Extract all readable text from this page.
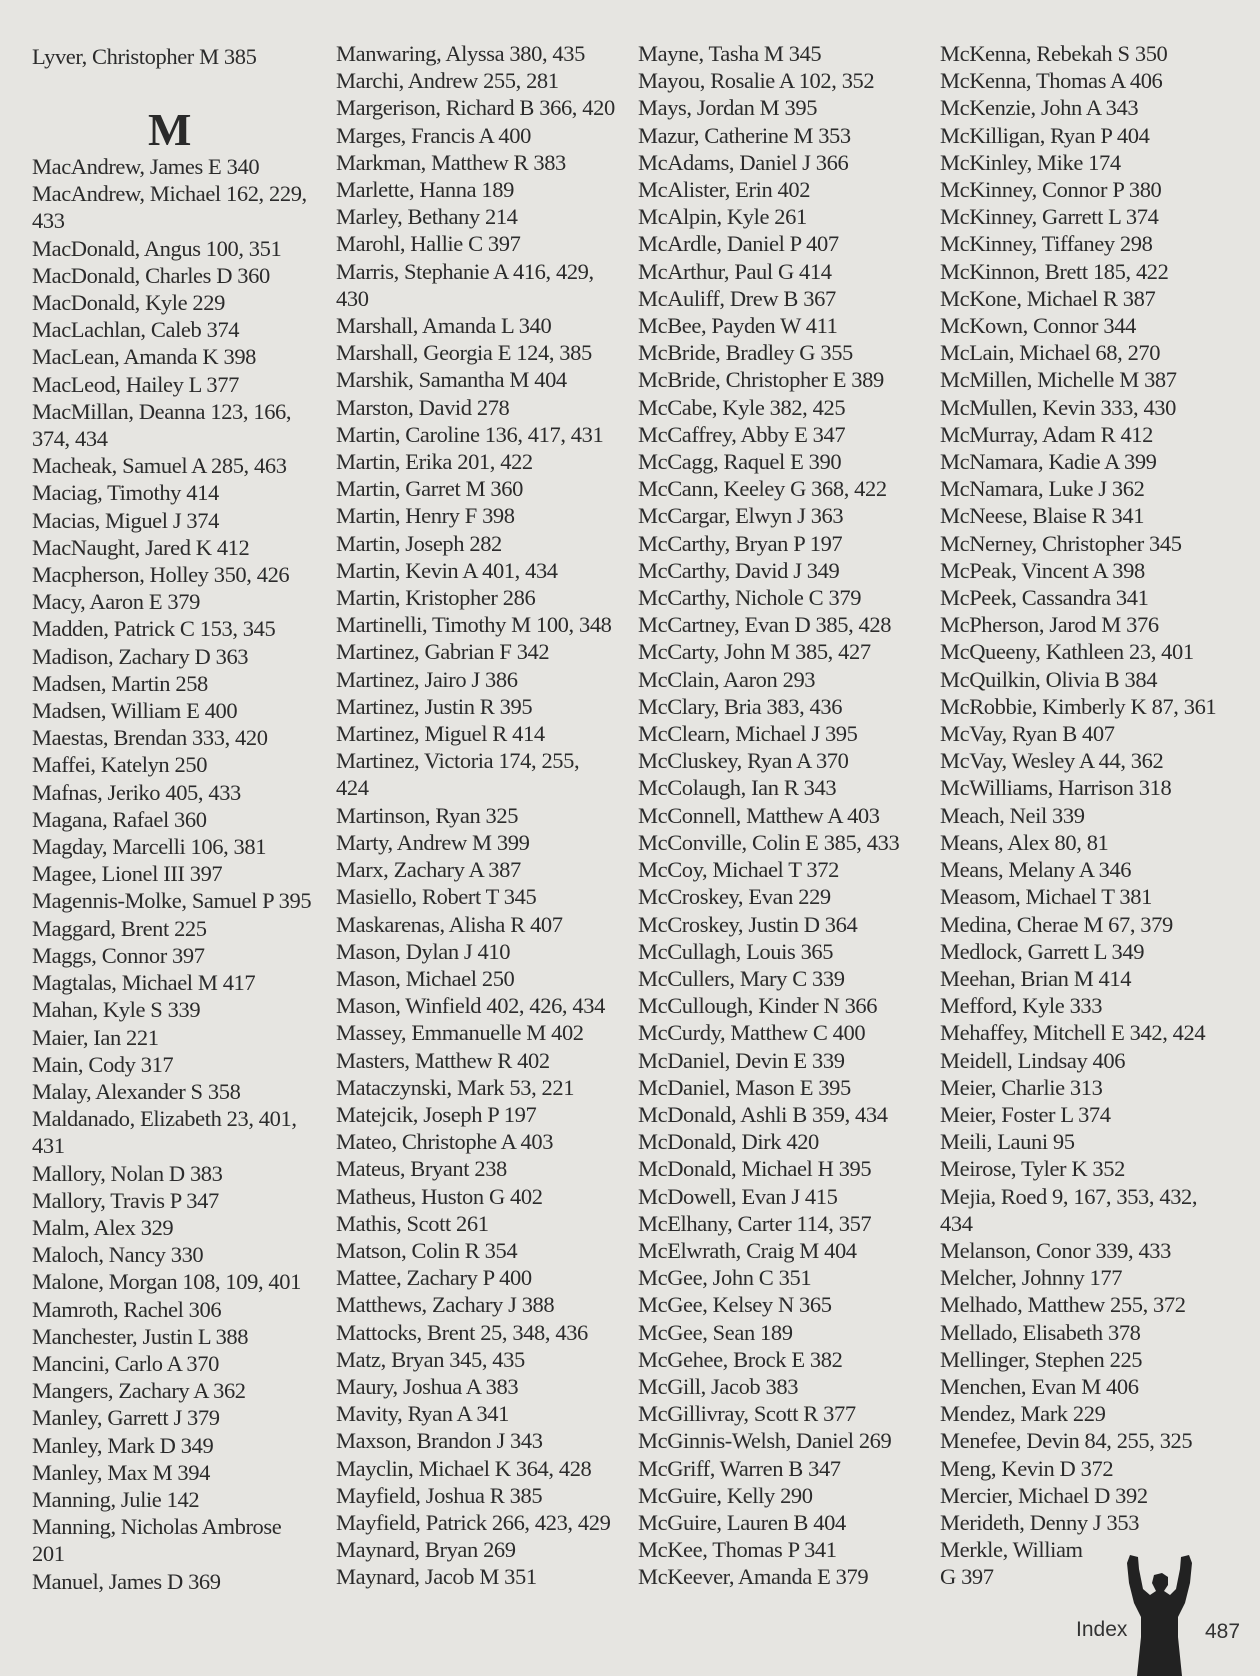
Lyver, Christopher M 385
M
MacAndrew, James E 340
MacAndrew, Michael 162, 229,
433
MacDonald, Angus 100, 351
MacDonald, Charles D 360
MacDonald, Kyle 229
MacLachlan, Caleb 374
MacLean, Amanda K 398
MacLeod, Hailey L 377
MacMillan, Deanna 123, 166,
374, 434
Macheak, Samuel A 285, 463
Maciag, Timothy 414
Macias, Miguel J 374
MacNaught, Jared K 412
Macpherson, Holley 350, 426
Macy, Aaron E 379
Madden, Patrick C 153, 345
Madison, Zachary D 363
Madsen, Martin 258
Madsen, William E 400
Maestas, Brendan 333, 420
Maffei, Katelyn 250
Mafnas, Jeriko 405, 433
Magana, Rafael 360
Magday, Marcelli 106, 381
Magee, Lionel III 397
Magennis-Molke, Samuel P 395
Maggard, Brent 225
Maggs, Connor 397
Magtalas, Michael M 417
Mahan, Kyle S 339
Maier, Ian 221
Main, Cody 317
Malay, Alexander S 358
Maldanado, Elizabeth 23, 401,
431
Mallory, Nolan D 383
Mallory, Travis P 347
Malm, Alex 329
Maloch, Nancy 330
Malone, Morgan 108, 109, 401
Mamroth, Rachel 306
Manchester, Justin L 388
Mancini, Carlo A 370
Mangers, Zachary A 362
Manley, Garrett J 379
Manley, Mark D 349
Manley, Max M 394
Manning, Julie 142
Manning, Nicholas Ambrose
201
Manuel, James D 369
Manwaring, Alyssa 380, 435
Marchi, Andrew 255, 281
Margerison, Richard B 366, 420
Marges, Francis A 400
Markman, Matthew R 383
Marlette, Hanna 189
Marley, Bethany 214
Marohl, Hallie C 397
Marris, Stephanie A 416, 429,
430
Marshall, Amanda L 340
Marshall, Georgia E 124, 385
Marshik, Samantha M 404
Marston, David 278
Martin, Caroline 136, 417, 431
Martin, Erika 201, 422
Martin, Garret M 360
Martin, Henry F 398
Martin, Joseph 282
Martin, Kevin A 401, 434
Martin, Kristopher 286
Martinelli, Timothy M 100, 348
Martinez, Gabrian F 342
Martinez, Jairo J 386
Martinez, Justin R 395
Martinez, Miguel R 414
Martinez, Victoria 174, 255,
424
Martinson, Ryan 325
Marty, Andrew M 399
Marx, Zachary A 387
Masiello, Robert T 345
Maskarenas, Alisha R 407
Mason, Dylan J 410
Mason, Michael 250
Mason, Winfield 402, 426, 434
Massey, Emmanuelle M 402
Masters, Matthew R 402
Mataczynski, Mark 53, 221
Matejcik, Joseph P 197
Mateo, Christophe A 403
Mateus, Bryant 238
Matheus, Huston G 402
Mathis, Scott 261
Matson, Colin R 354
Mattee, Zachary P 400
Matthews, Zachary J 388
Mattocks, Brent 25, 348, 436
Matz, Bryan 345, 435
Maury, Joshua A 383
Mavity, Ryan A 341
Maxson, Brandon J 343
Mayclin, Michael K 364, 428
Mayfield, Joshua R 385
Mayfield, Patrick 266, 423, 429
Maynard, Bryan 269
Maynard, Jacob M 351
Mayne, Tasha M 345
Mayou, Rosalie A 102, 352
Mays, Jordan M 395
Mazur, Catherine M 353
McAdams, Daniel J 366
McAlister, Erin 402
McAlpin, Kyle 261
McArdle, Daniel P 407
McArthur, Paul G 414
McAuliff, Drew B 367
McBee, Payden W 411
McBride, Bradley G 355
McBride, Christopher E 389
McCabe, Kyle 382, 425
McCaffrey, Abby E 347
McCagg, Raquel E 390
McCann, Keeley G 368, 422
McCargar, Elwyn J 363
McCarthy, Bryan P 197
McCarthy, David J 349
McCarthy, Nichole C 379
McCartney, Evan D 385, 428
McCarty, John M 385, 427
McClain, Aaron 293
McClary, Bria 383, 436
McClearn, Michael J 395
McCluskey, Ryan A 370
McColaugh, Ian R 343
McConnell, Matthew A 403
McConville, Colin E 385, 433
McCoy, Michael T 372
McCroskey, Evan 229
McCroskey, Justin D 364
McCullagh, Louis 365
McCullers, Mary C 339
McCullough, Kinder N 366
McCurdy, Matthew C 400
McDaniel, Devin E 339
McDaniel, Mason E 395
McDonald, Ashli B 359, 434
McDonald, Dirk 420
McDonald, Michael H 395
McDowell, Evan J 415
McElhany, Carter 114, 357
McElwrath, Craig M 404
McGee, John C 351
McGee, Kelsey N 365
McGee, Sean 189
McGehee, Brock E 382
McGill, Jacob 383
McGillivray, Scott R 377
McGinnis-Welsh, Daniel 269
McGriff, Warren B 347
McGuire, Kelly 290
McGuire, Lauren B 404
McKee, Thomas P 341
McKeever, Amanda E 379
McKenna, Rebekah S 350
McKenna, Thomas A 406
McKenzie, John A 343
McKilligan, Ryan P 404
McKinley, Mike 174
McKinney, Connor P 380
McKinney, Garrett L 374
McKinney, Tiffaney 298
McKinnon, Brett 185, 422
McKone, Michael R 387
McKown, Connor 344
McLain, Michael 68, 270
McMillen, Michelle M 387
McMullen, Kevin 333, 430
McMurray, Adam R 412
McNamara, Kadie A 399
McNamara, Luke J 362
McNeese, Blaise R 341
McNerney, Christopher 345
McPeak, Vincent A 398
McPeek, Cassandra 341
McPherson, Jarod M 376
McQueeny, Kathleen 23, 401
McQuilkin, Olivia B 384
McRobbie, Kimberly K 87, 361
McVay, Ryan B 407
McVay, Wesley A 44, 362
McWilliams, Harrison 318
Meach, Neil 339
Means, Alex 80, 81
Means, Melany A 346
Measom, Michael T 381
Medina, Cherae M 67, 379
Medlock, Garrett L 349
Meehan, Brian M 414
Mefford, Kyle 333
Mehaffey, Mitchell E 342, 424
Meidell, Lindsay 406
Meier, Charlie 313
Meier, Foster L 374
Meili, Launi 95
Meirose, Tyler K 352
Mejia, Roed 9, 167, 353, 432,
434
Melanson, Conor 339, 433
Melcher, Johnny 177
Melhado, Matthew 255, 372
Mellado, Elisabeth 378
Mellinger, Stephen 225
Menchen, Evan M 406
Mendez, Mark 229
Menefee, Devin 84, 255, 325
Meng, Kevin D 372
Mercier, Michael D 392
Merideth, Denny J 353
Merkle, William
G 397
Index	487
